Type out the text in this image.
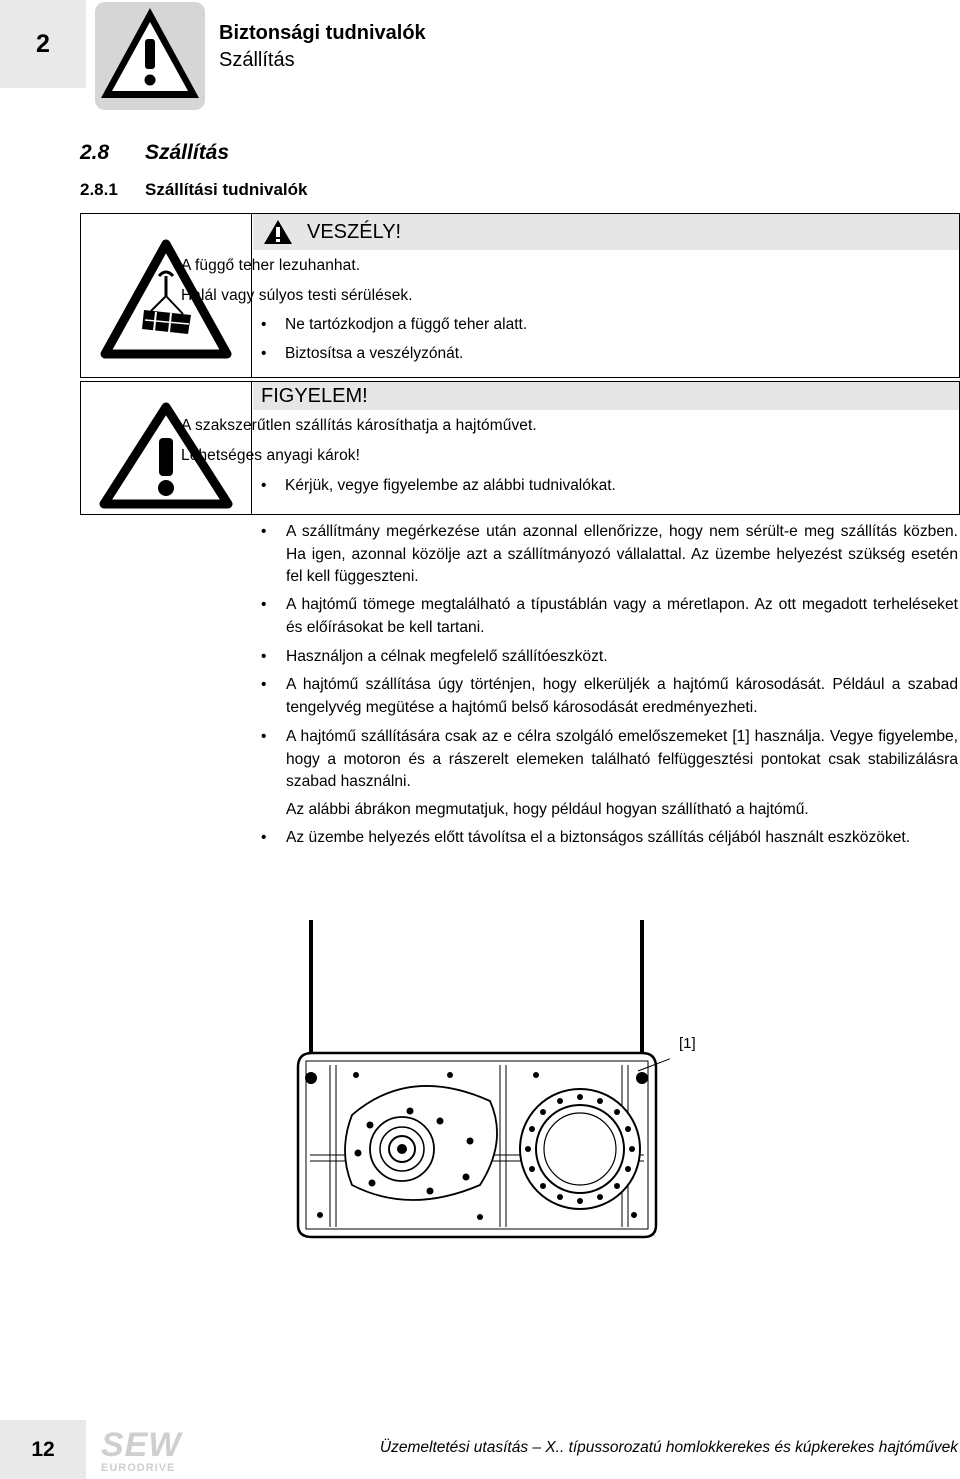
2	Biztonsági tudnivalók
Szállítás
2.8 Szállítás
2.8.1 Szállítási tudnivalók
VESZÉLY!
A függő teher lezuhanhat.
Halál vagy súlyos testi sérülések.
• Ne tartózkodjon a függő teher alatt.
• Biztosítsa a veszélyzónát.
FIGYELEM!
A szakszerűtlen szállítás károsíthatja a hajtóművet.
Lehetséges anyagi károk!
• Kérjük, vegye figyelembe az alábbi tudnivalókat.
• A szállítmány megérkezése után azonnal ellenőrizze, hogy nem sérült-e meg szállítás közben. Ha igen, azonnal közölje azt a szállítmányozó vállalattal. Az üzembe helyezést szükség esetén fel kell függeszteni.
• A hajtómű tömege megtalálható a típustáblán vagy a méretlapon. Az ott megadott terheléseket és előírásokat be kell tartani.
• Használjon a célnak megfelelő szállítóeszközt.
• A hajtómű szállítása úgy történjen, hogy elkerüljék a hajtómű károsodását. Például a szabad tengelyvég megütése a hajtómű belső károsodását eredményezheti.
• A hajtómű szállítására csak az e célra szolgáló emelőszemeket [1] használja. Vegye figyelembe, hogy a motoron és a rászerelt elemeken található felfüggesztési pontokat csak stabilizálásra szabad használni.
Az alábbi ábrákon megmutatjuk, hogy például hogyan szállítható a hajtómű.
• Az üzembe helyezés előtt távolítsa el a biztonságos szállítás céljából használt eszközöket.
[1]
12	SEW
EURODRIVE
Üzemeltetési utasítás – X.. típussorozatú homlokkerekes és kúpkerekes hajtóművek
